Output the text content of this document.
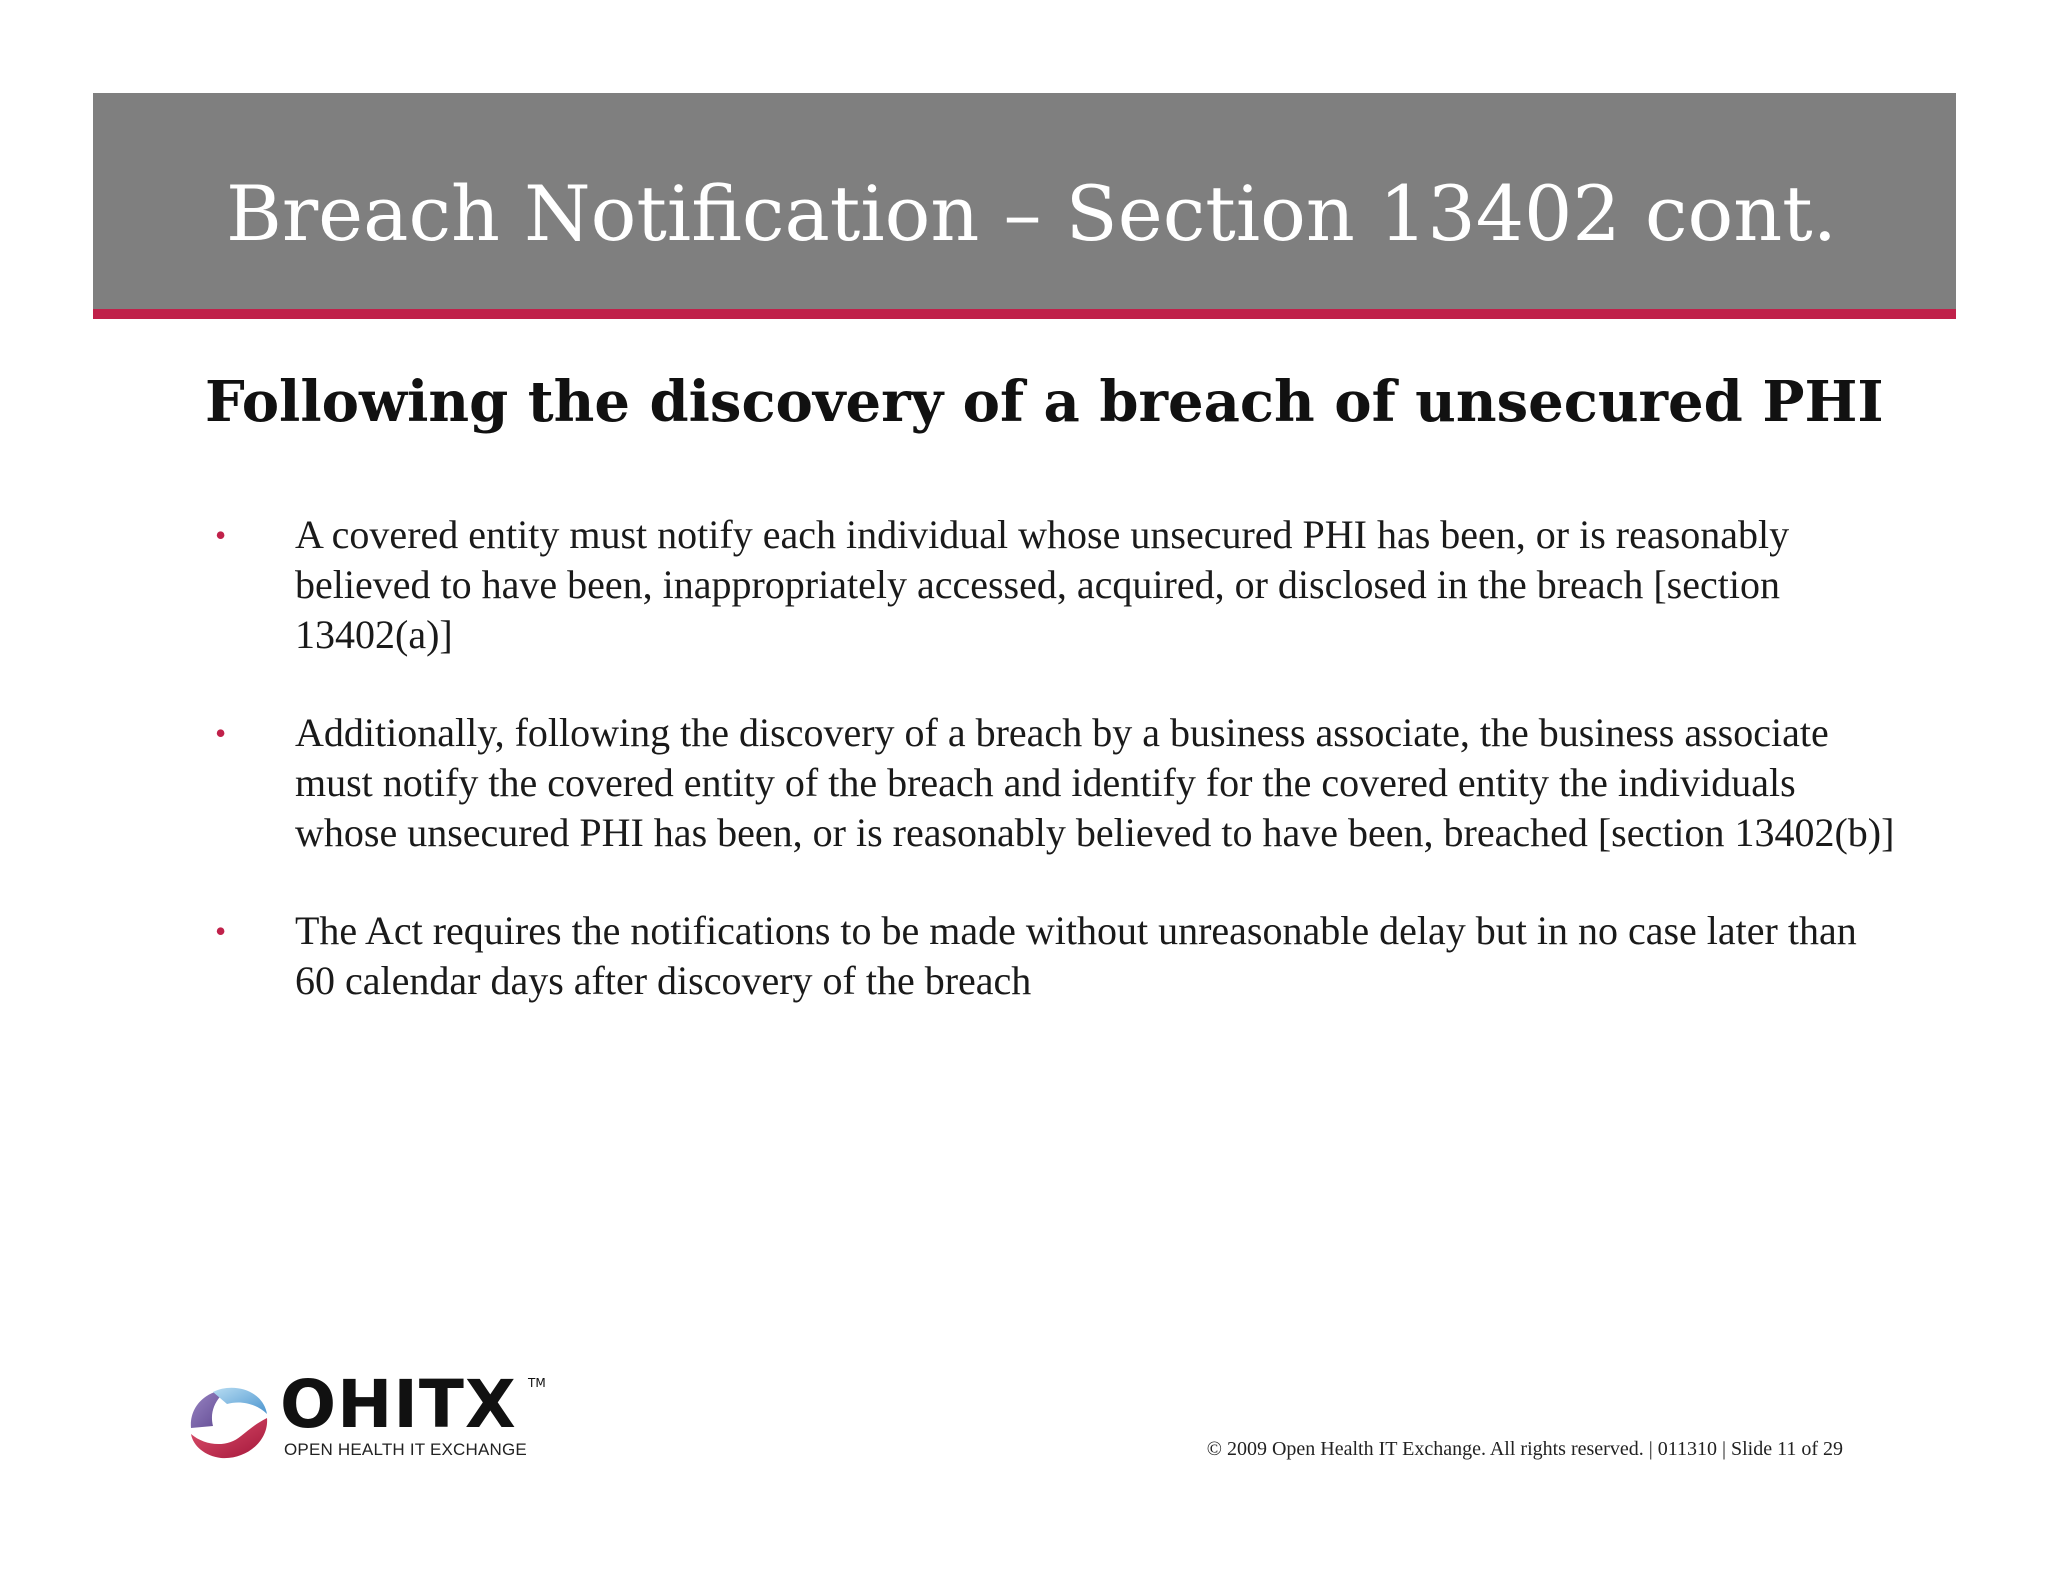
Breach Notification – Section 13402 cont.
Following the discovery of a breach of unsecured PHI
• A covered entity must notify each individual whose unsecured PHI has been, or is reasonably believed to have been, inappropriately accessed, acquired, or disclosed in the breach [section 13402(a)]
• Additionally, following the discovery of a breach by a business associate, the business associate must notify the covered entity of the breach and identify for the covered entity the individuals whose unsecured PHI has been, or is reasonably believed to have been, breached [section 13402(b)]
• The Act requires the notifications to be made without unreasonable delay but in no case later than 60 calendar days after discovery of the breach
OHITX TM
OPEN HEALTH IT EXCHANGE	© 2009 Open Health IT Exchange. All rights reserved. | 011310 | Slide 11 of 29
